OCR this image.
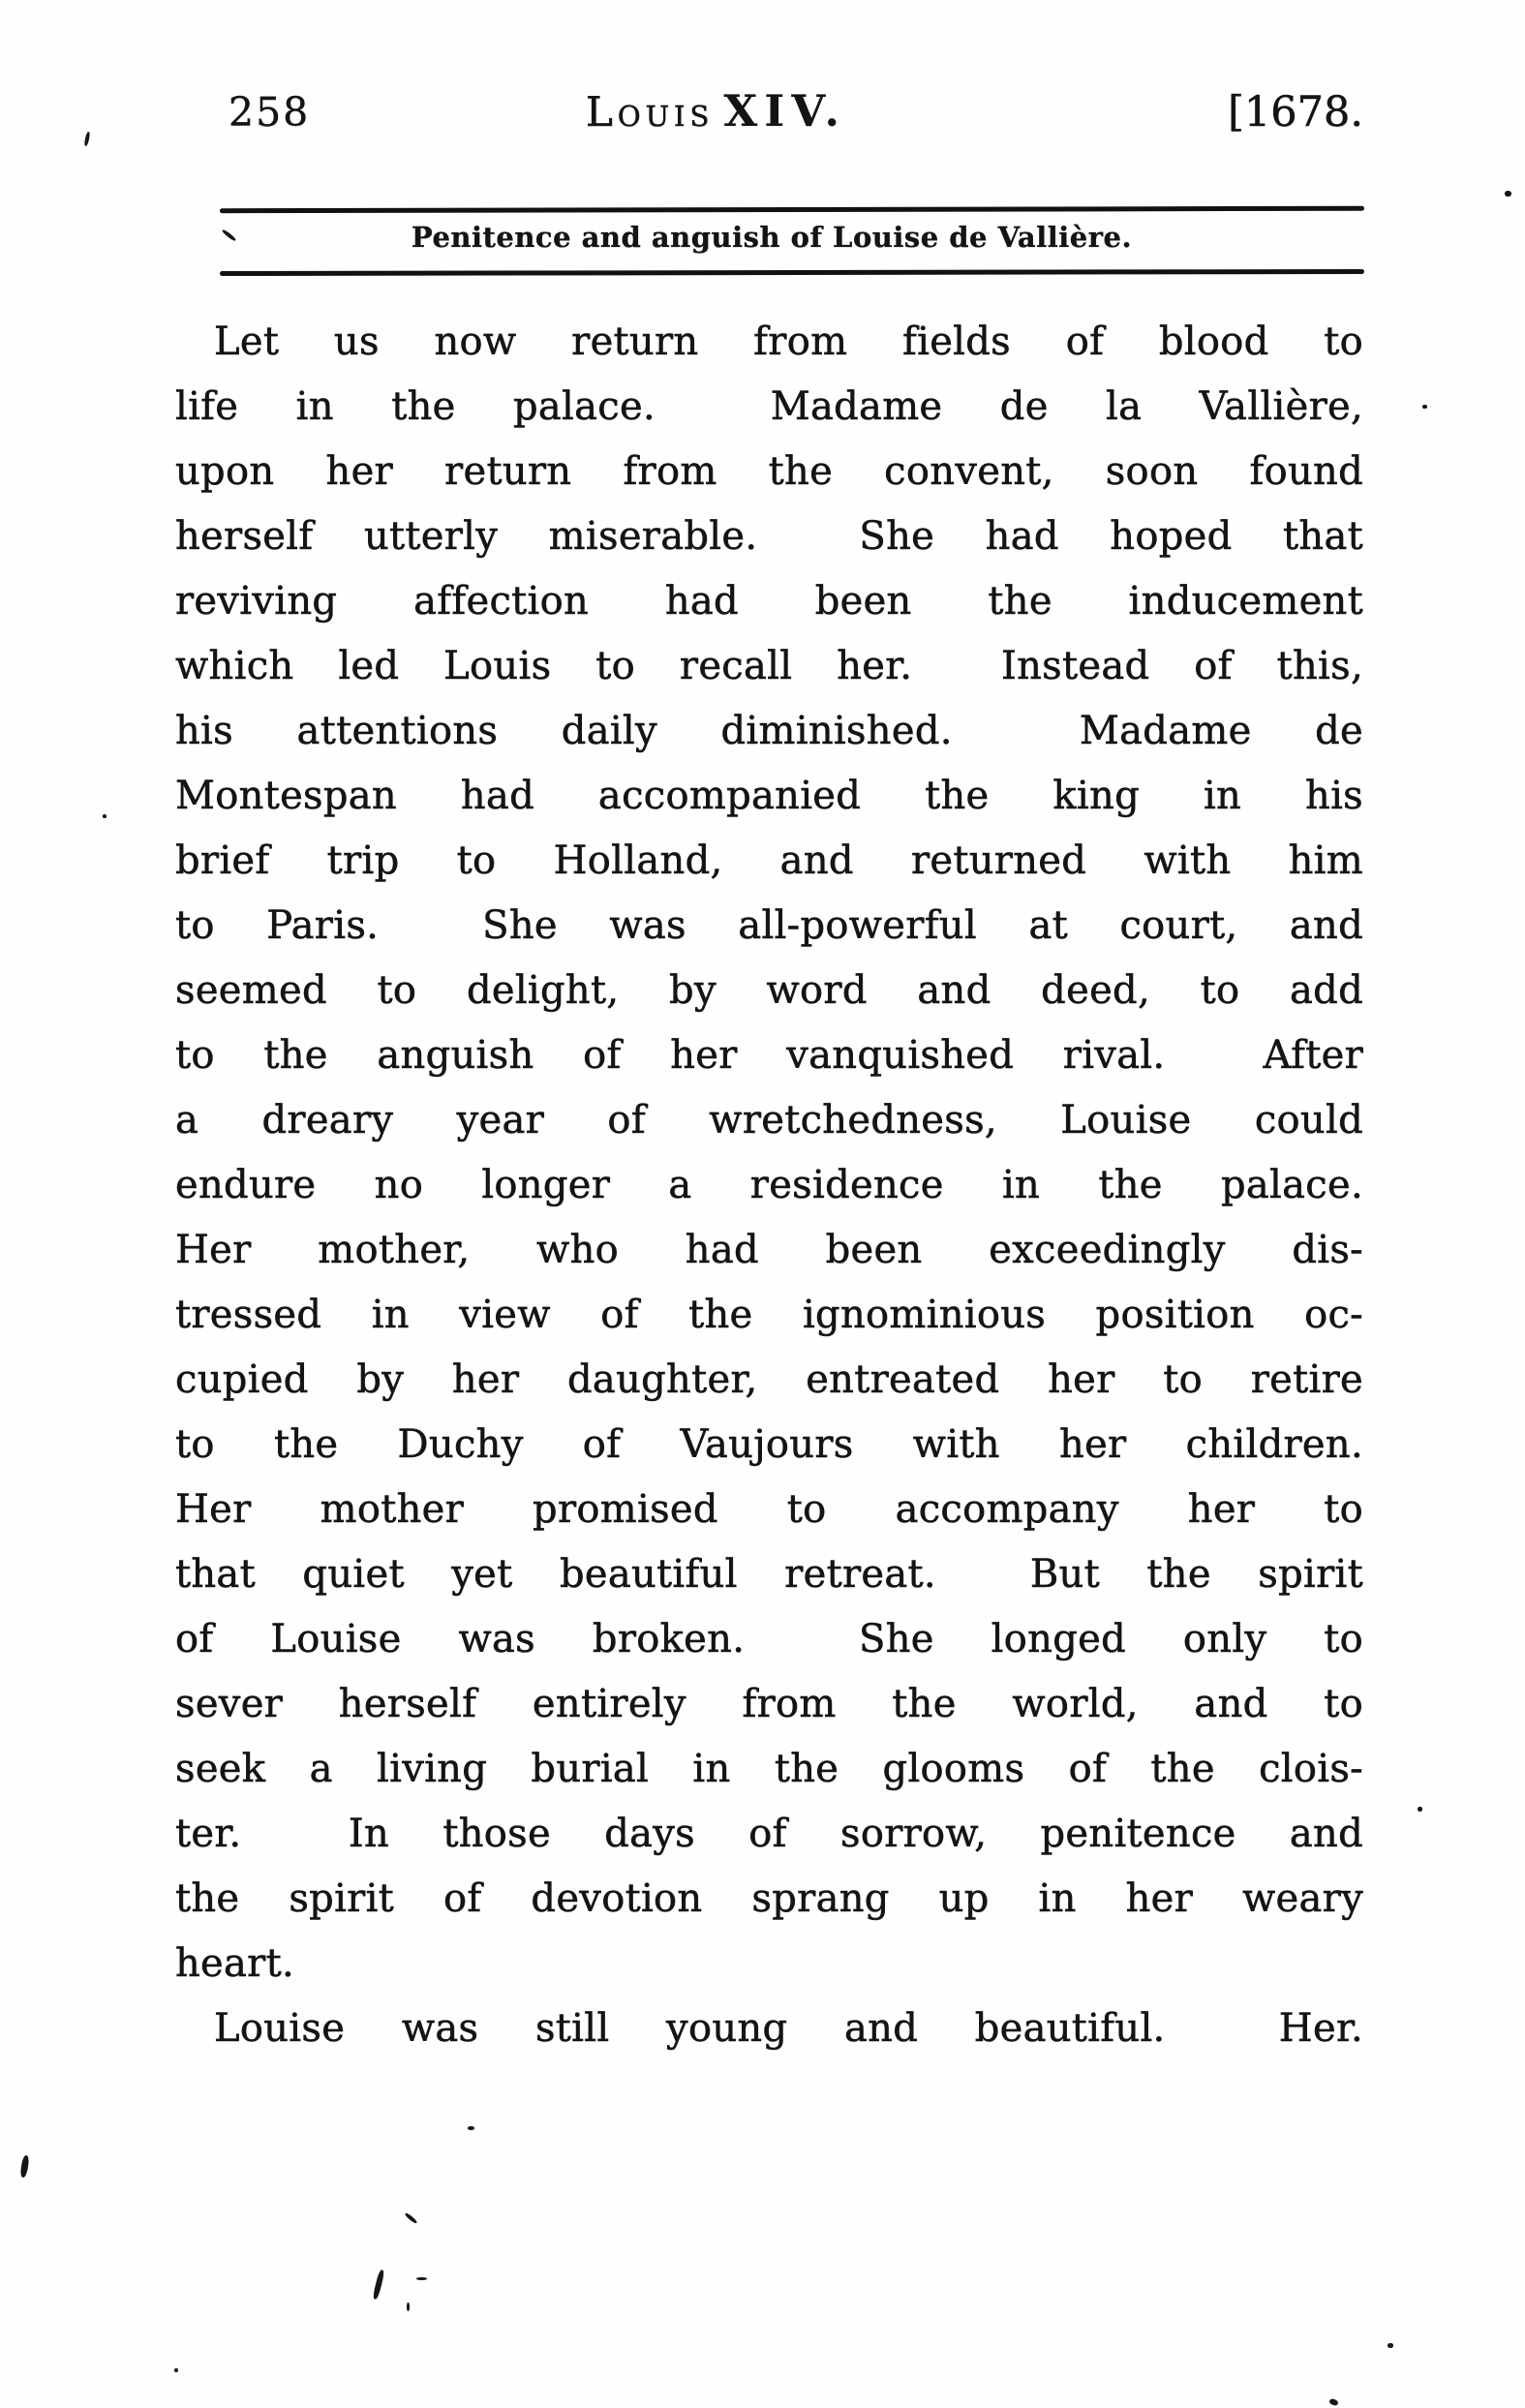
258	Louis XIV.	[1678.
Penitence and anguish of Louise de Vallière.
Let us now return from fields of blood to
life in the palace.  Madame de la Vallière,
upon her return from the convent, soon found
herself utterly miserable.  She had hoped that
reviving affection had been the inducement
which led Louis to recall her.  Instead of this,
his attentions daily diminished.  Madame de
Montespan had accompanied the king in his
brief trip to Holland, and returned with him
to Paris.  She was all-powerful at court, and
seemed to delight, by word and deed, to add
to the anguish of her vanquished rival.  After
a dreary year of wretchedness, Louise could
endure no longer a residence in the palace.
Her mother, who had been exceedingly dis-
tressed in view of the ignominious position oc-
cupied by her daughter, entreated her to retire
to the Duchy of Vaujours with her children.
Her mother promised to accompany her to
that quiet yet beautiful retreat.  But the spirit
of Louise was broken.  She longed only to
sever herself entirely from the world, and to
seek a living burial in the glooms of the clois-
ter.  In those days of sorrow, penitence and
the spirit of devotion sprang up in her weary
heart.
Louise was still young and beautiful.  Her.
